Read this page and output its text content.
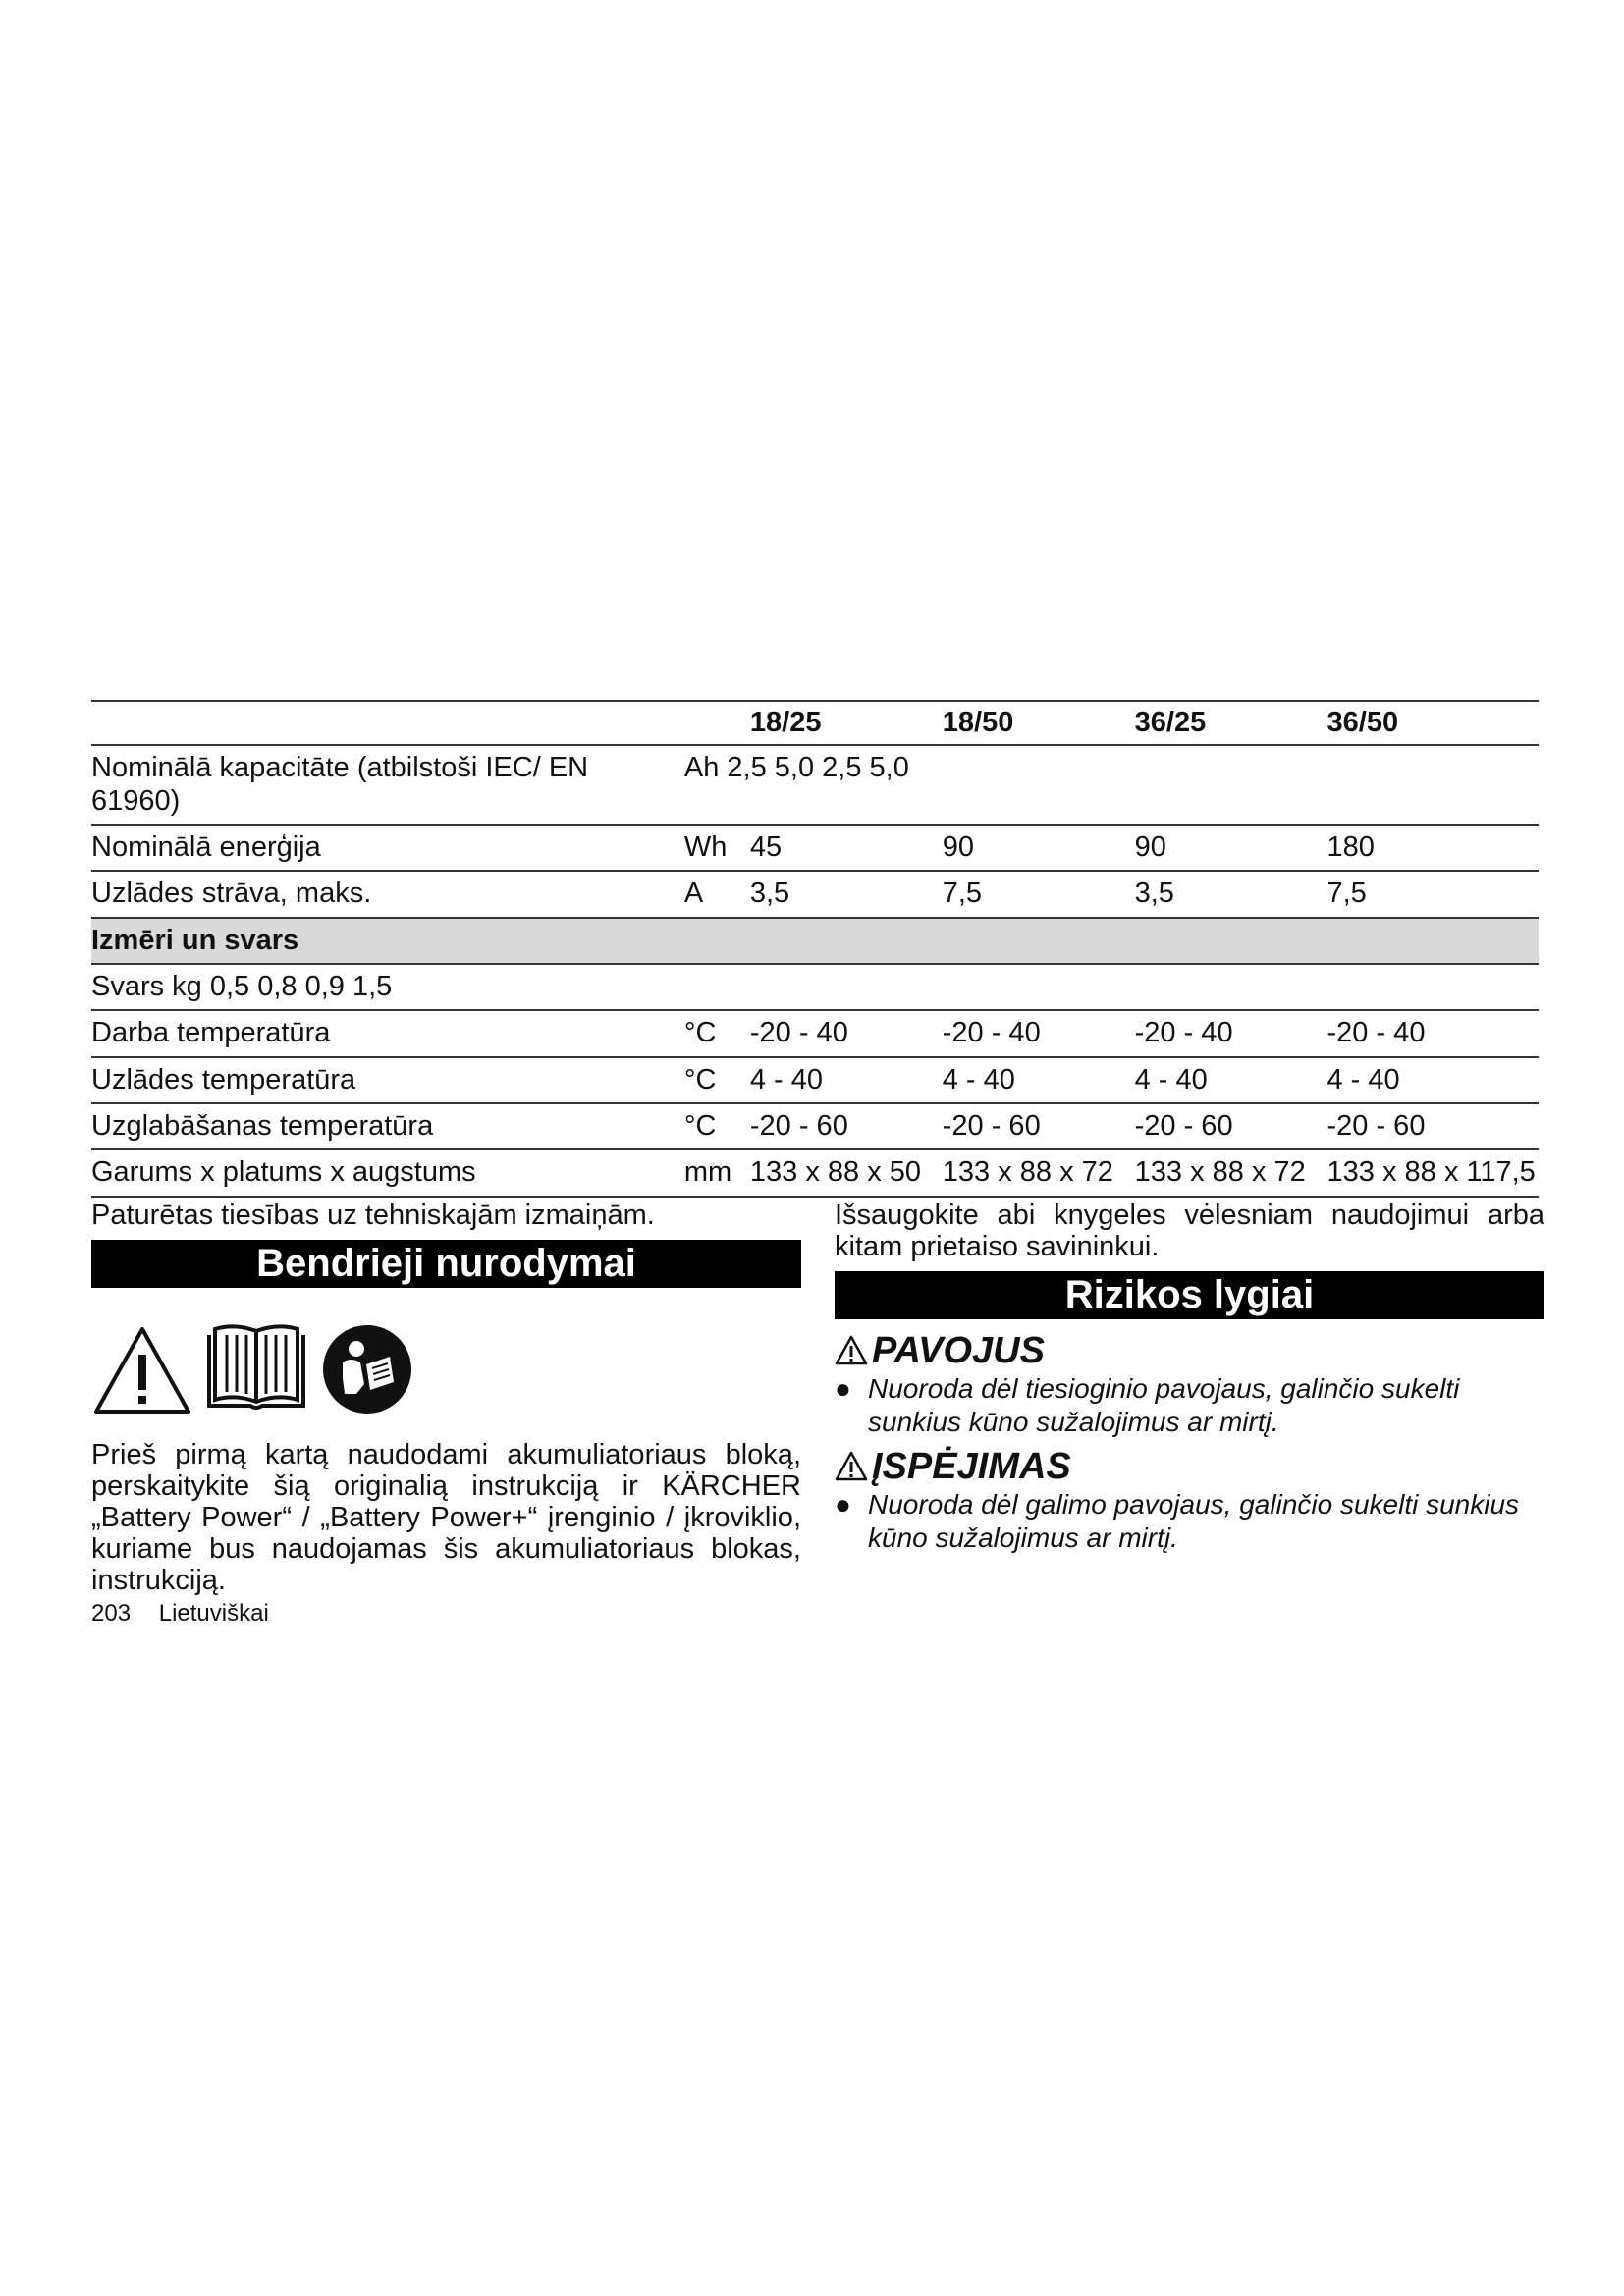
		18/25	18/50	36/25	36/50
Nominālā kapacitāte (atbilstoši IEC/ EN 61960)	Ah 2,5 5,0 2,5 5,0				
Nominālā enerģija	Wh	45	90	90	180
Uzlādes strāva, maks.	A	3,5	7,5	3,5	7,5
Izmēri un svars					
Svars kg 0,5 0,8 0,9 1,5					
Darba temperatūra	°C	-20 - 40	-20 - 40	-20 - 40	-20 - 40
Uzlādes temperatūra	°C	4 - 40	4 - 40	4 - 40	4 - 40
Uzglabāšanas temperatūra	°C	-20 - 60	-20 - 60	-20 - 60	-20 - 60
Garums x platums x augstums	mm	133 x 88 x 50	133 x 88 x 72	133 x 88 x 72	133 x 88 x 117,5

Paturētas tiesības uz tehniskajām izmaiņām.

Bendrieji nurodymai

Prieš pirmą kartą naudodami akumuliatoriaus bloką, perskaitykite šią originalią instrukciją ir KÄRCHER „Battery Power“ / „Battery Power+“ įrenginio / įkroviklio, kuriame bus naudojamas šis akumuliatoriaus blokas, instrukciją.

Išsaugokite abi knygeles vėlesniam naudojimui arba kitam prietaiso savininkui.

Rizikos lygiai
PAVOJUS

● Nuoroda dėl tiesioginio pavojaus, galinčio sukelti sunkius kūno sužalojimus ar mirtį.

ĮSPĖJIMAS

● Nuoroda dėl galimo pavojaus, galinčio sukelti sunkius kūno sužalojimus ar mirtį.

203 Lietuviškai
